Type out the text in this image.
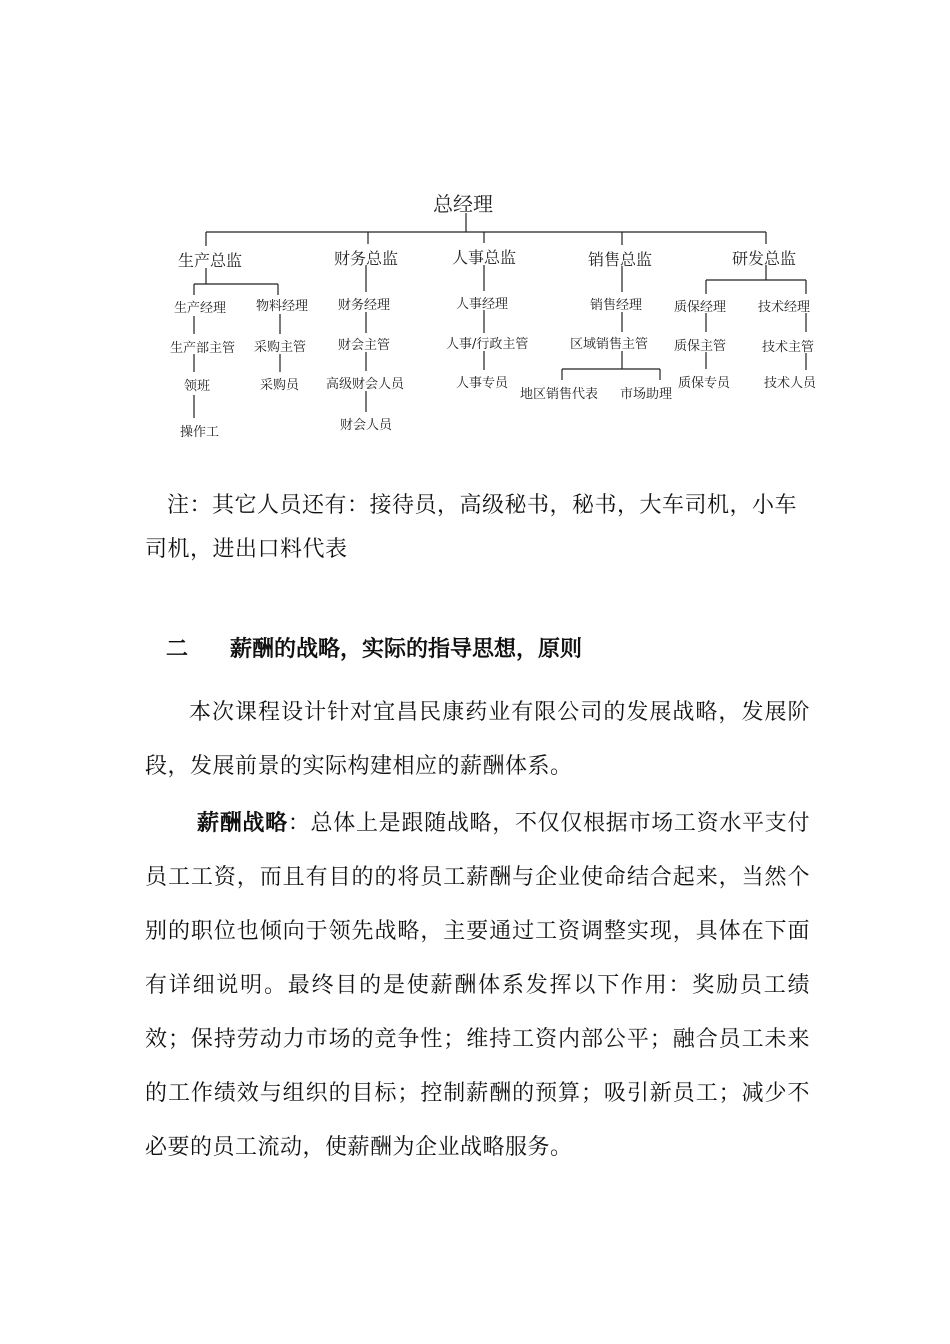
总经理
生产总监	财务总监	人事总监	销售总监	研发总监
生产经理
生产部主管
领班
操作工
物料经理
采购主管
采购员
财务经理
财会主管
高级财会人员
财会人员
人事经理
人事/行政主管
人事专员
销售经理
区域销售主管
地区销售代表 市场助理
质保经理
质保主管
质保专员
技术经理
技术主管
技术人员
注：其它人员还有：接待员，高级秘书，秘书，大车司机，小车司机，进出口料代表
二 薪酬的战略，实际的指导思想，原则
本次课程设计针对宜昌民康药业有限公司的发展战略，发展阶段，发展前景的实际构建相应的薪酬体系。
薪酬战略：总体上是跟随战略，不仅仅根据市场工资水平支付员工工资，而且有目的的将员工薪酬与企业使命结合起来，当然个别的职位也倾向于领先战略，主要通过工资调整实现，具体在下面有详细说明。最终目的是使薪酬体系发挥以下作用：奖励员工绩效；保持劳动力市场的竞争性；维持工资内部公平；融合员工未来的工作绩效与组织的目标；控制薪酬的预算；吸引新员工；减少不必要的员工流动，使薪酬为企业战略服务。
